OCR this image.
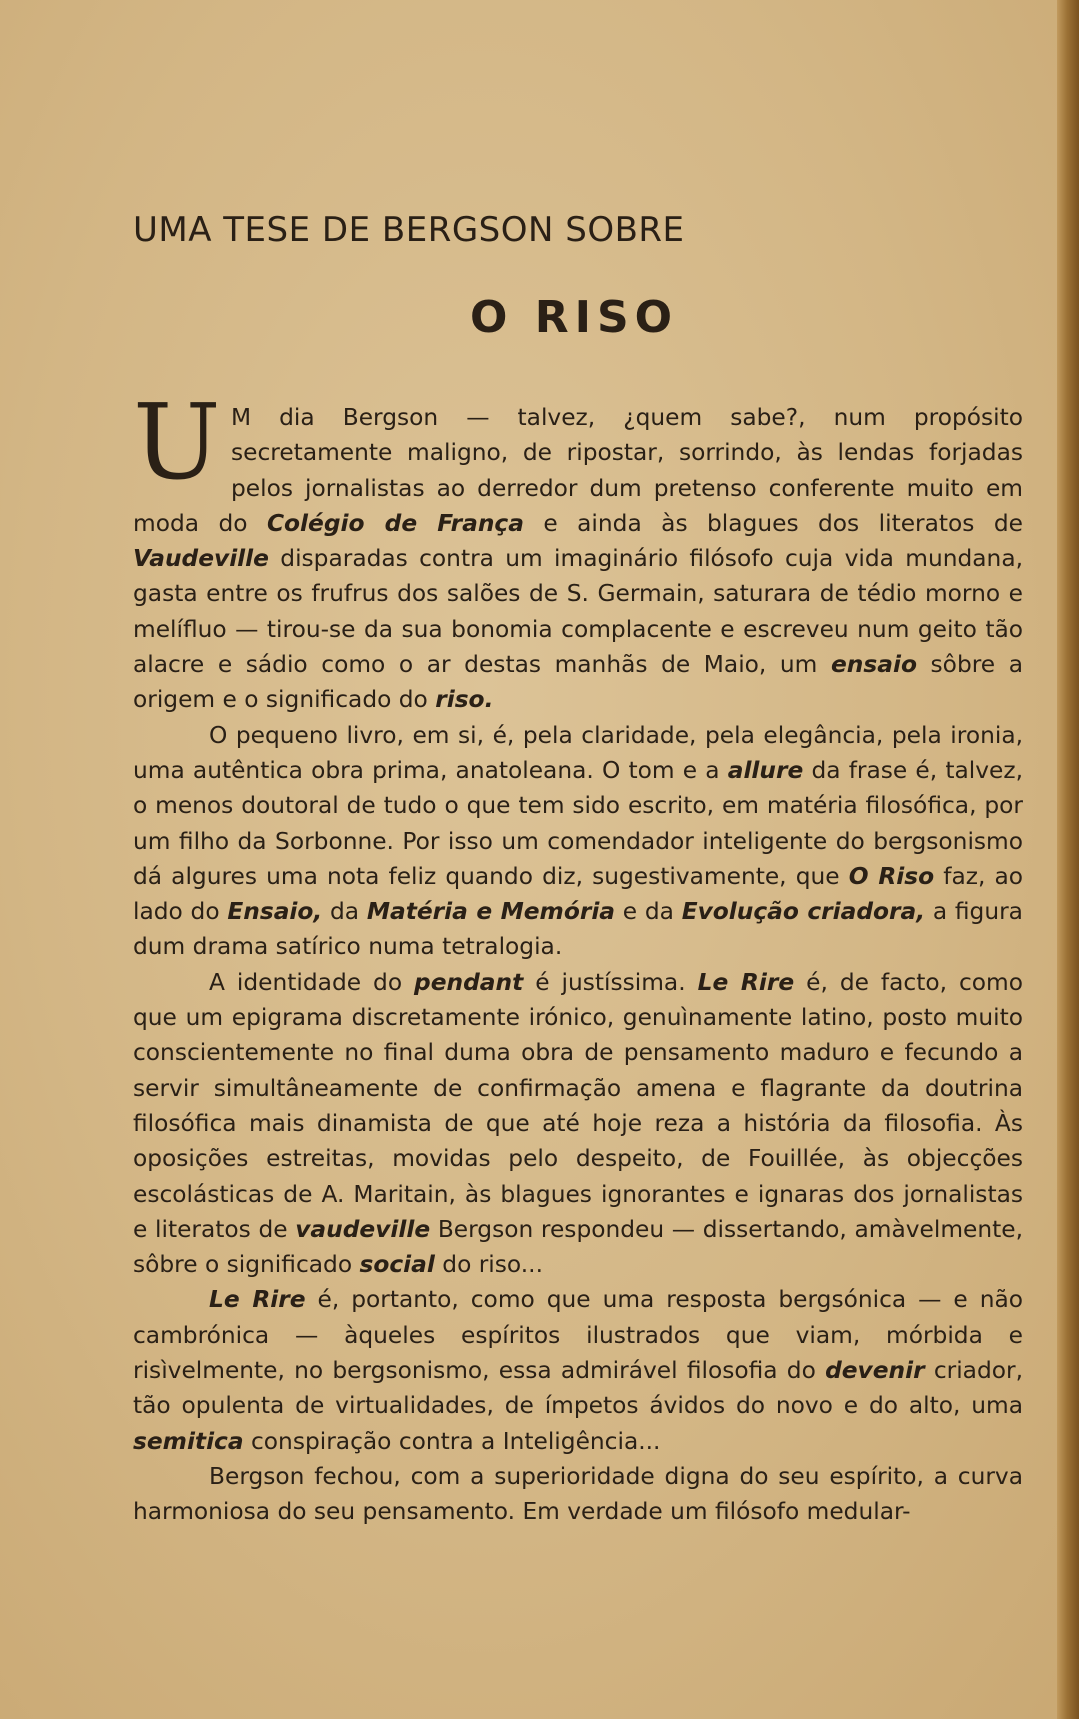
UMA TESE DE BERGSON SOBRE
O RISO

U M dia Bergson — talvez, ¿quem sabe?, num propósito secretamente maligno, de ripostar, sorrindo, às lendas forjadas pelos jornalistas ao derredor dum pretenso conferente muito em moda do Colégio de França e ainda às blagues dos literatos de Vaudeville disparadas contra um imaginário filósofo cuja vida mundana, gasta entre os frufrus dos salões de S. Germain, saturara de tédio morno e melífluo — tirou-se da sua bonomia complacente e escreveu num geito tão alacre e sádio como o ar destas manhãs de Maio, um ensaio sôbre a origem e o significado do riso.

O pequeno livro, em si, é, pela claridade, pela elegância, pela ironia, uma autêntica obra prima, anatoleana. O tom e a allure da frase é, talvez, o menos doutoral de tudo o que tem sido escrito, em matéria filosófica, por um filho da Sorbonne. Por isso um comendador inteligente do bergsonismo dá algures uma nota feliz quando diz, sugestivamente, que O Riso faz, ao lado do Ensaio, da Matéria e Memória e da Evolução criadora, a figura dum drama satírico numa tetralogia.

A identidade do pendant é justíssima. Le Rire é, de facto, como que um epigrama discretamente irónico, genuìnamente latino, posto muito conscientemente no final duma obra de pensamento maduro e fecundo a servir simultâneamente de confirmação amena e flagrante da doutrina filosófica mais dinamista de que até hoje reza a história da filosofia. Às oposições estreitas, movidas pelo despeito, de Fouillée, às objecções escolásticas de A. Maritain, às blagues ignorantes e ignaras dos jornalistas e literatos de vaudeville Bergson respondeu — dissertando, amàvelmente, sôbre o significado social do riso...

Le Rire é, portanto, como que uma resposta bergsónica — e não cambrónica — àqueles espíritos ilustrados que viam, mórbida e risìvelmente, no bergsonismo, essa admirável filosofia do devenir criador, tão opulenta de virtualidades, de ímpetos ávidos do novo e do alto, uma semitica conspiração contra a Inteligência...

Bergson fechou, com a superioridade digna do seu espírito, a curva harmoniosa do seu pensamento. Em verdade um filósofo medular-
